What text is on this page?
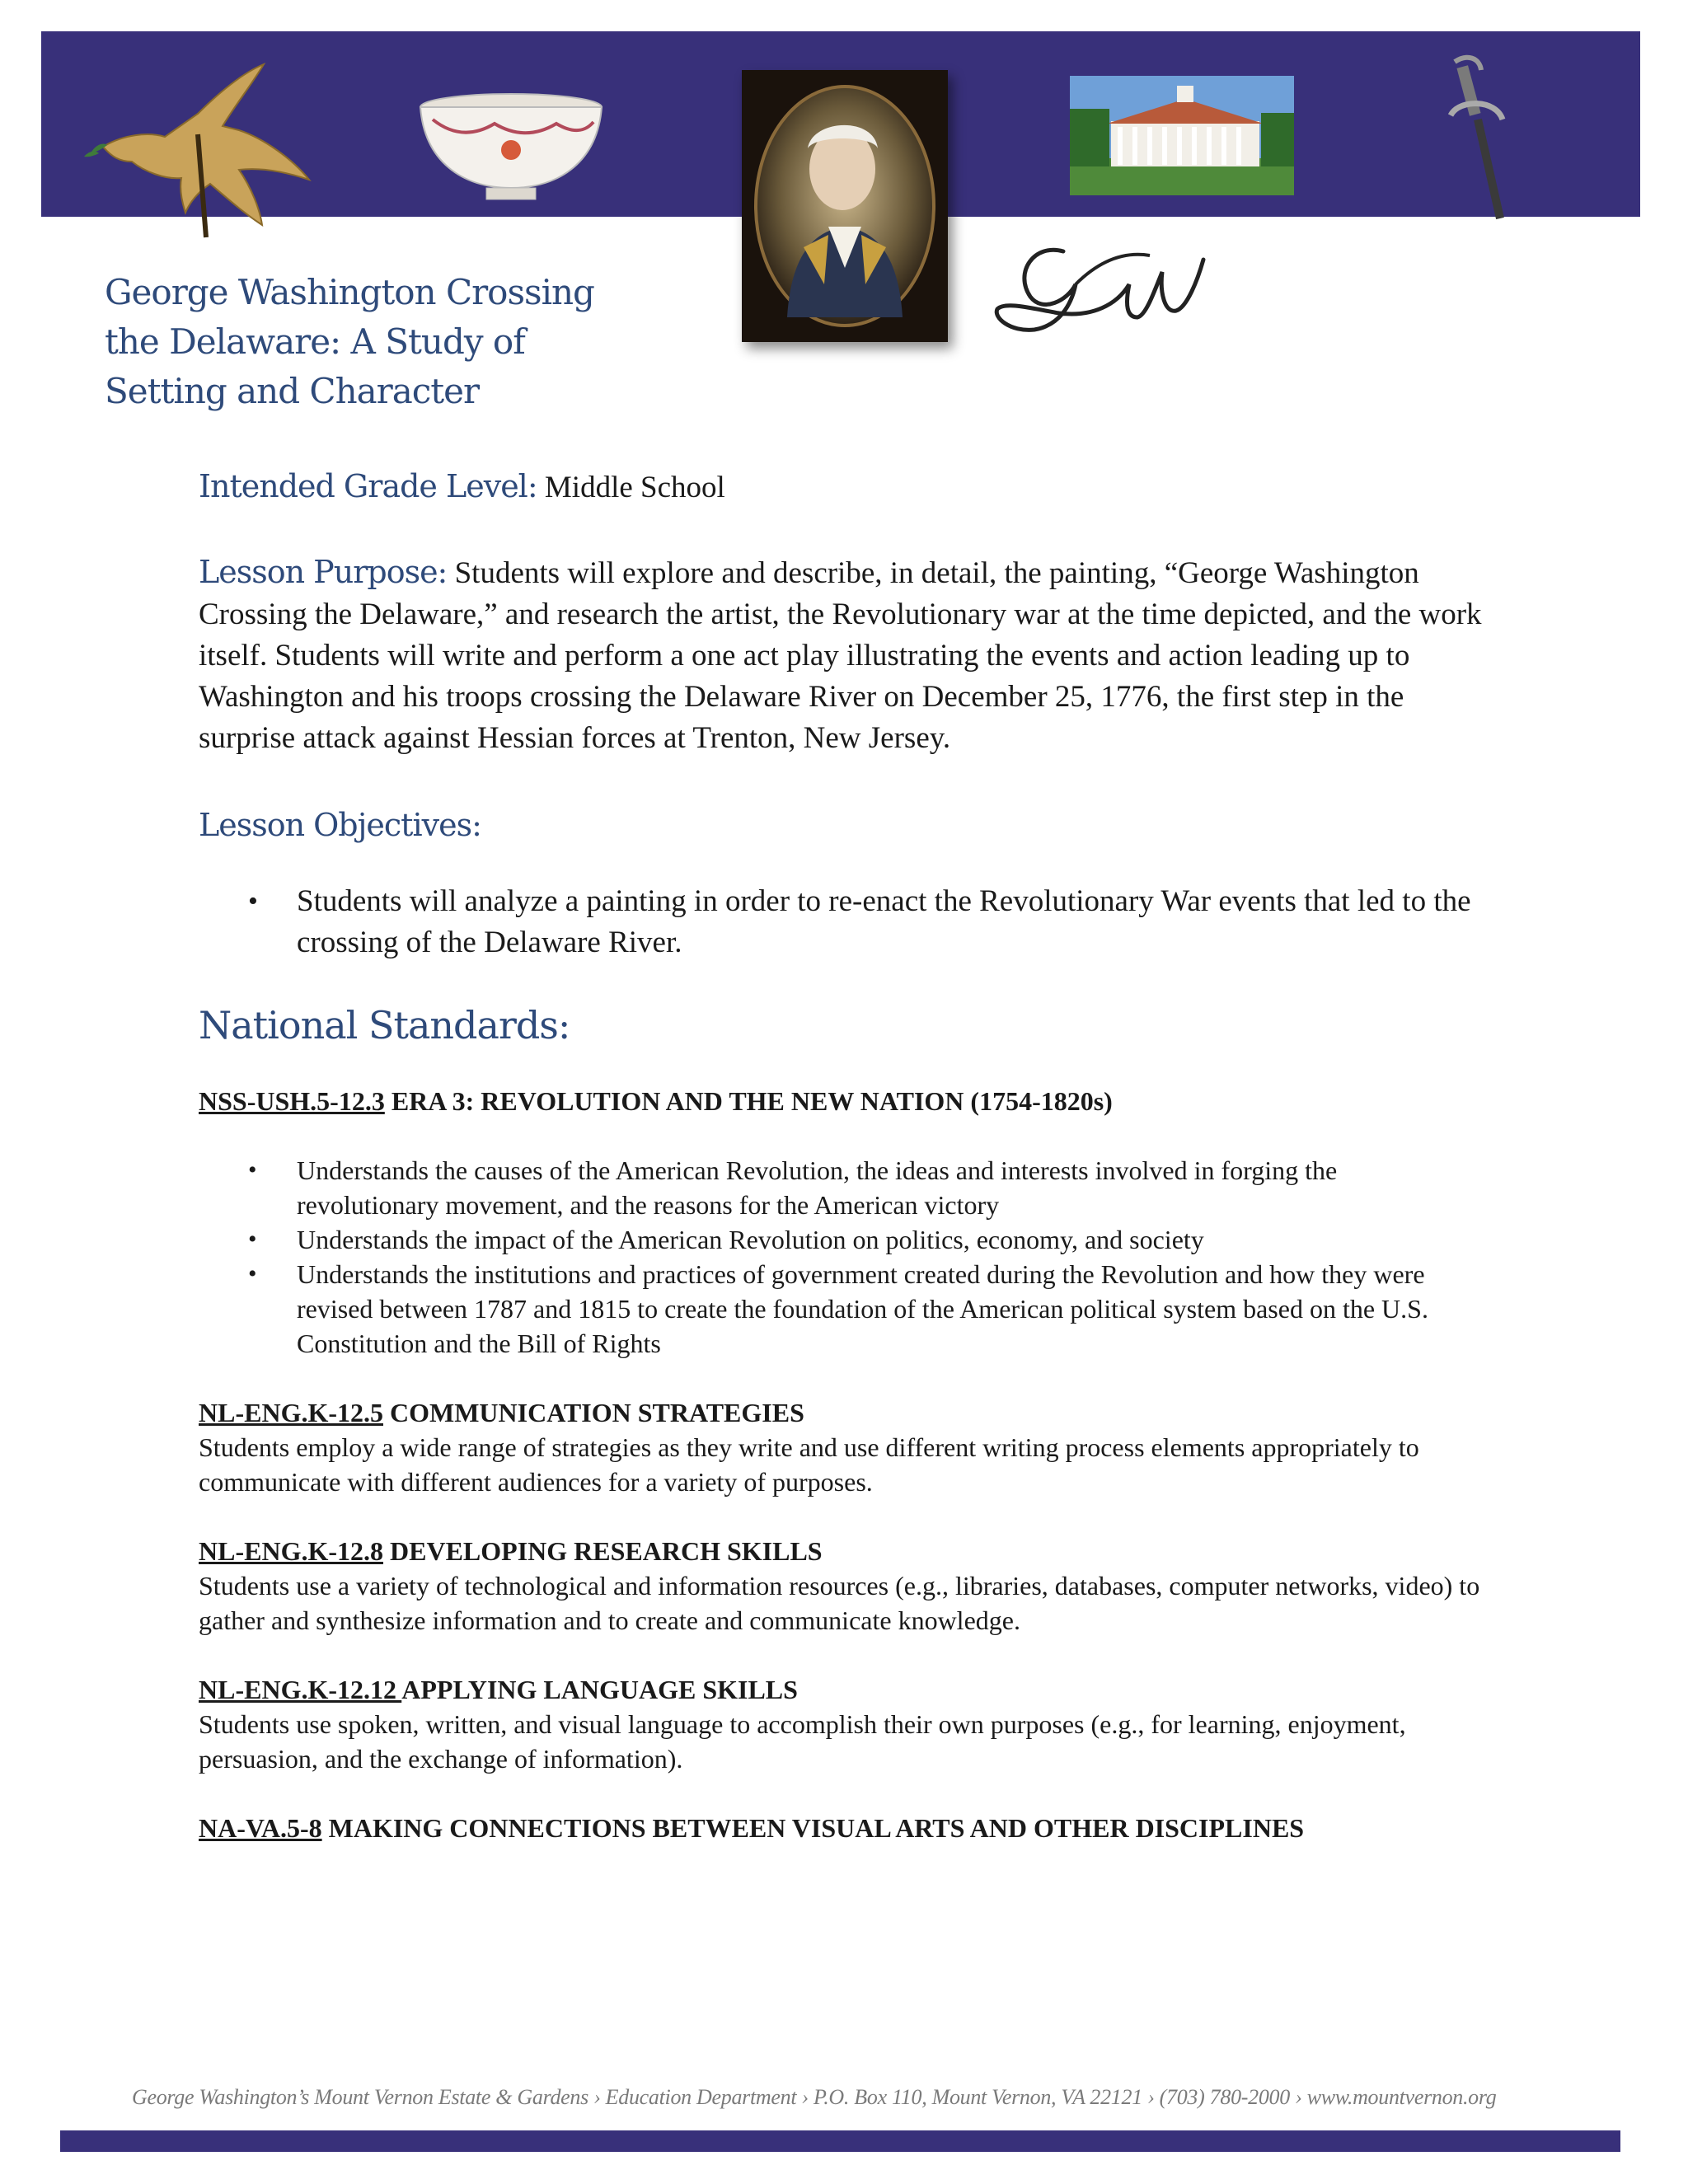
George Washington Crossing
the Delaware: A Study of
Setting and Character

Intended Grade Level: Middle School

Lesson Purpose: Students will explore and describe, in detail, the painting, “George Washington Crossing the Delaware,” and research the artist, the Revolutionary war at the time depicted, and the work itself. Students will write and perform a one act play illustrating the events and action leading up to Washington and his troops crossing the Delaware River on December 25, 1776, the first step in the surprise attack against Hessian forces at Trenton, New Jersey.

Lesson Objectives:

• Students will analyze a painting in order to re-enact the Revolutionary War events that led to the crossing of the Delaware River.

National Standards:

NSS-USH.5-12.3 ERA 3: REVOLUTION AND THE NEW NATION (1754-1820s)

• Understands the causes of the American Revolution, the ideas and interests involved in forging the revolutionary movement, and the reasons for the American victory
• Understands the impact of the American Revolution on politics, economy, and society
• Understands the institutions and practices of government created during the Revolution and how they were revised between 1787 and 1815 to create the foundation of the American political system based on the U.S. Constitution and the Bill of Rights

NL-ENG.K-12.5 COMMUNICATION STRATEGIES

Students employ a wide range of strategies as they write and use different writing process elements appropriately to communicate with different audiences for a variety of purposes.

NL-ENG.K-12.8 DEVELOPING RESEARCH SKILLS

Students use a variety of technological and information resources (e.g., libraries, databases, computer networks, video) to gather and synthesize information and to create and communicate knowledge.

NL-ENG.K-12.12 APPLYING LANGUAGE SKILLS

Students use spoken, written, and visual language to accomplish their own purposes (e.g., for learning, enjoyment, persuasion, and the exchange of information).

NA-VA.5-8 MAKING CONNECTIONS BETWEEN VISUAL ARTS AND OTHER DISCIPLINES

George Washington’s Mount Vernon Estate & Gardens › Education Department › P.O. Box 110, Mount Vernon, VA 22121 › (703) 780-2000 › www.mountvernon.org
